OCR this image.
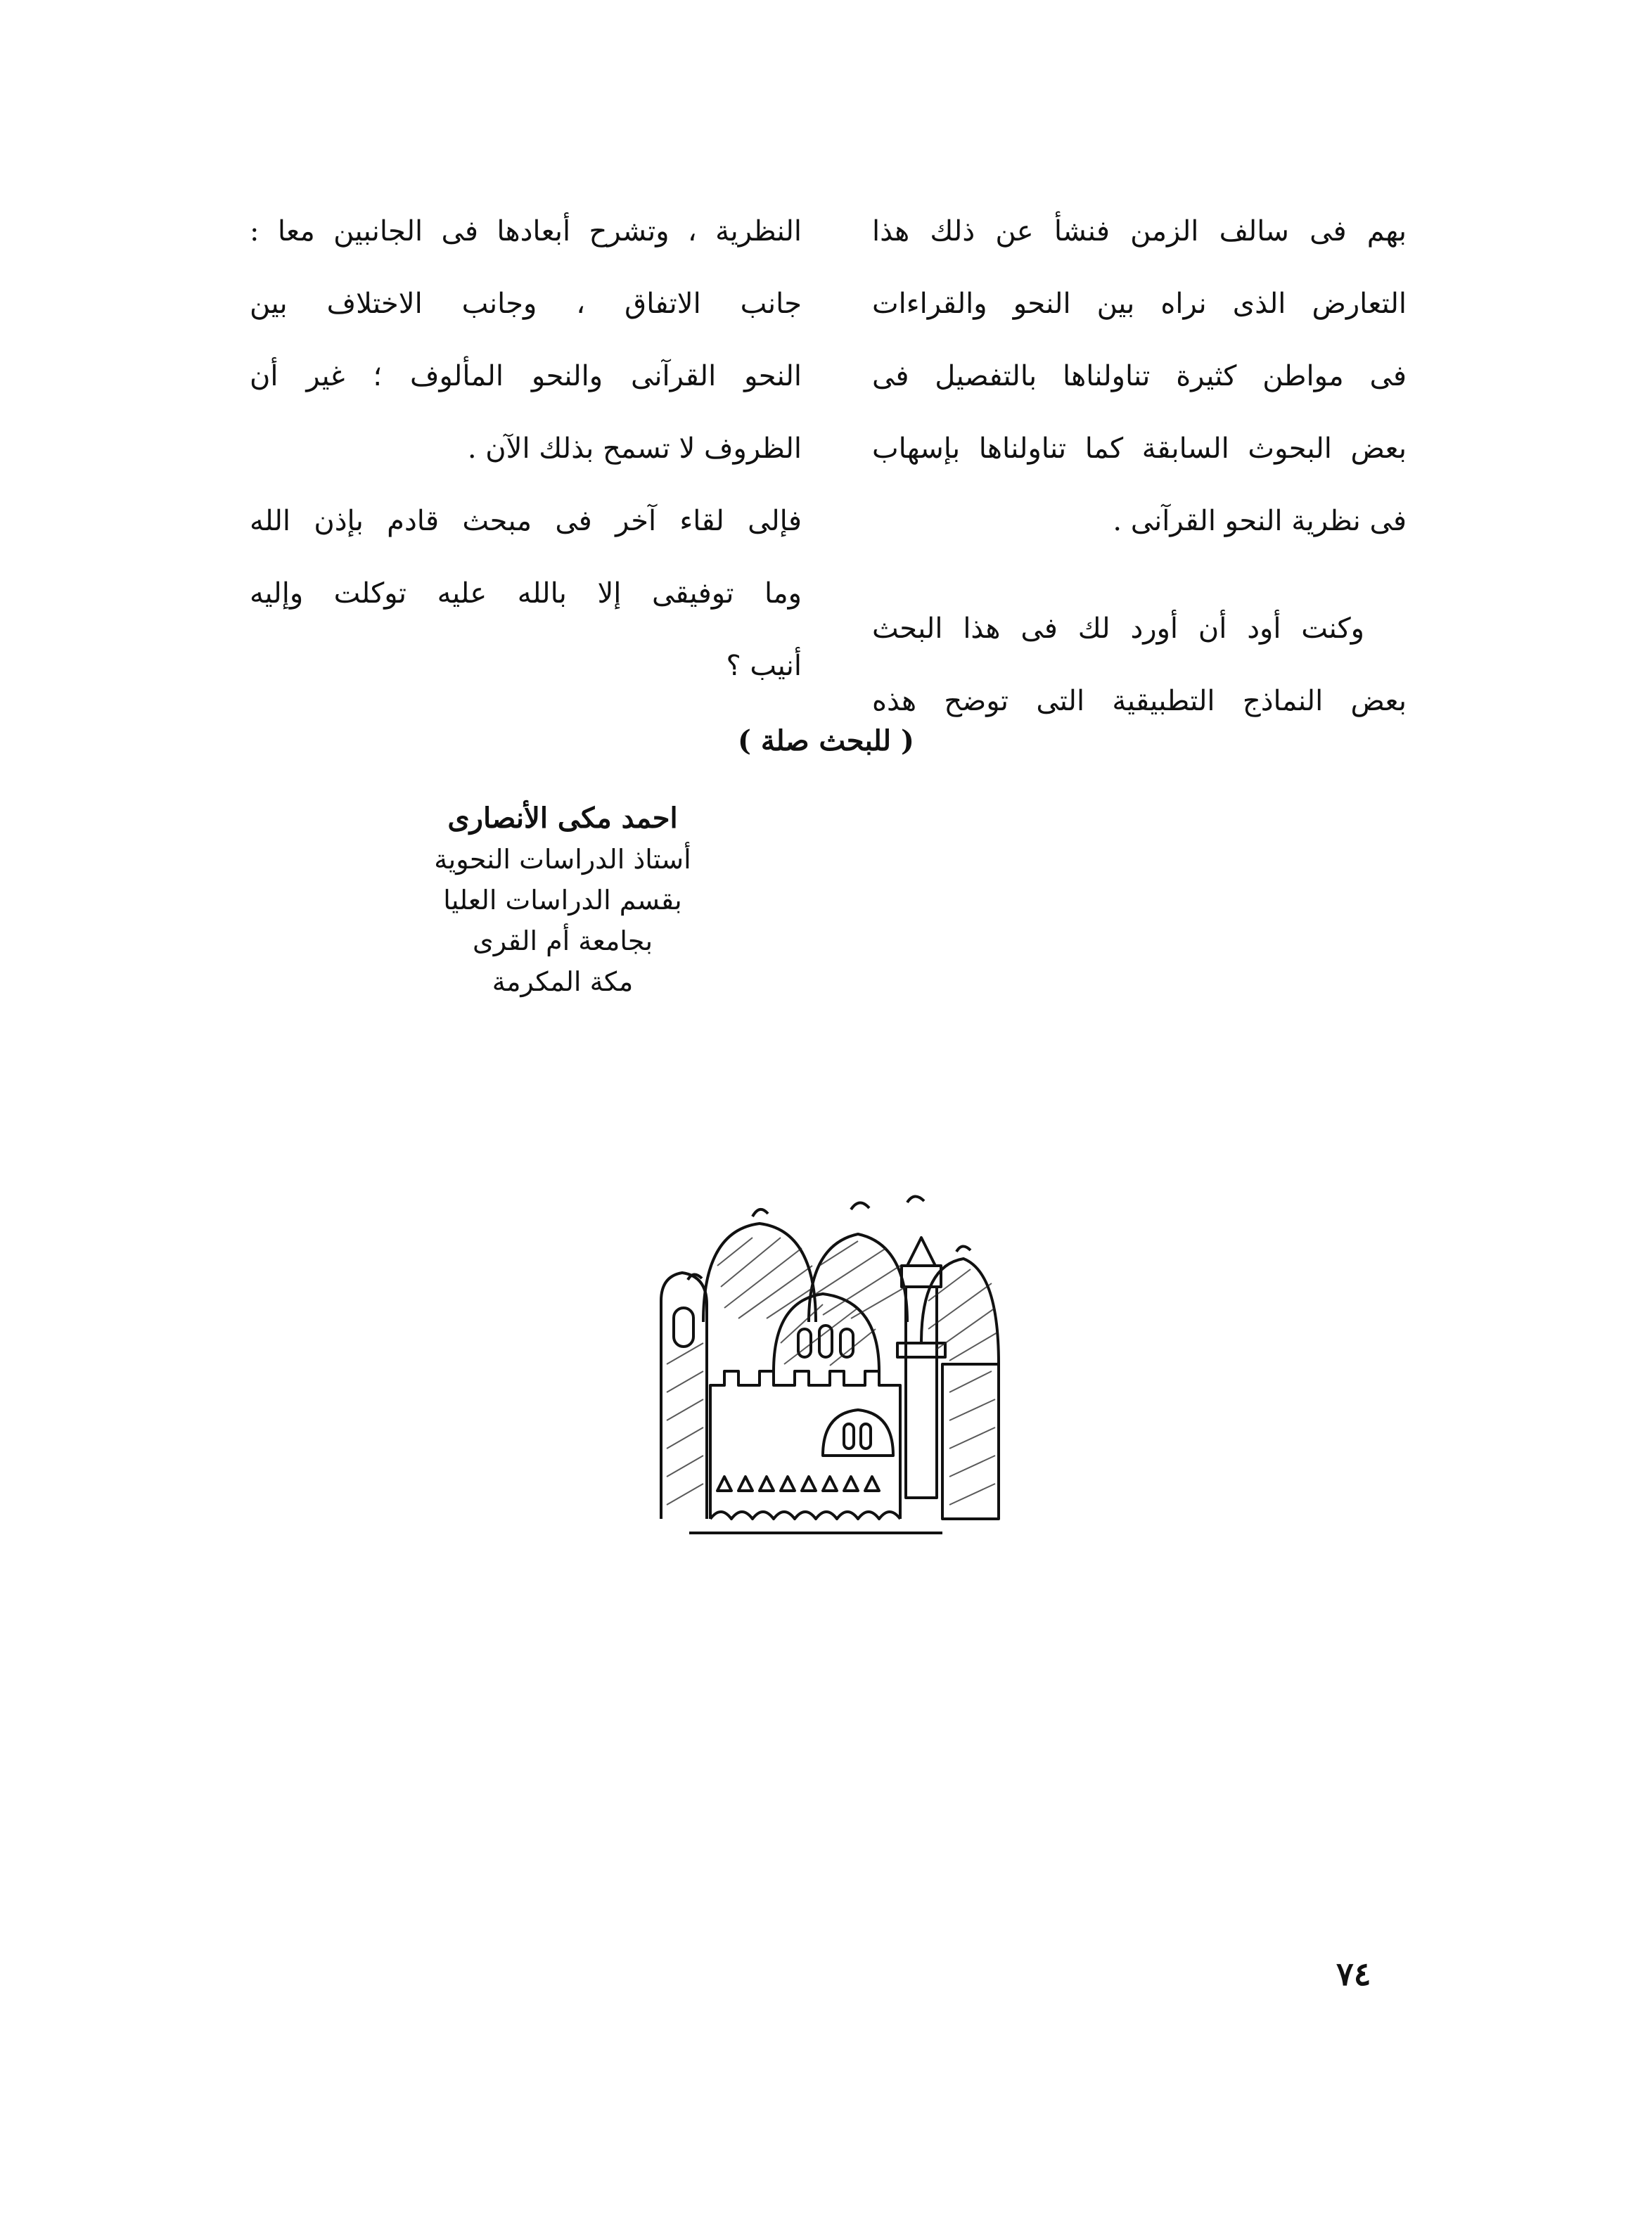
بهم فى سالف الزمن فنشأ عن ذلك هذا
التعارض الذى نراه بين النحو والقراءات
فى مواطن كثيرة تناولناها بالتفصيل فى
بعض البحوث السابقة كما تناولناها بإسهاب
فى نظرية النحو القرآنى .

وكنت أود أن أورد لك فى هذا البحث
بعض النماذج التطبيقية التى توضح هذه

النظرية ، وتشرح أبعادها فى الجانبين معا :
جانب الاتفاق ، وجانب الاختلاف بين
النحو القرآنى والنحو المألوف ؛ غير أن
الظروف لا تسمح بذلك الآن .

فإلى لقاء آخر فى مبحث قادم بإذن الله
وما توفيقى إلا بالله عليه توكلت وإليه
أنيب ؟

( للبحث صلة )
احمد مكى الأنصارى
أستاذ الدراسات النحوية
بقسم الدراسات العليا
بجامعة أم القرى
مكة المكرمة
٧٤
